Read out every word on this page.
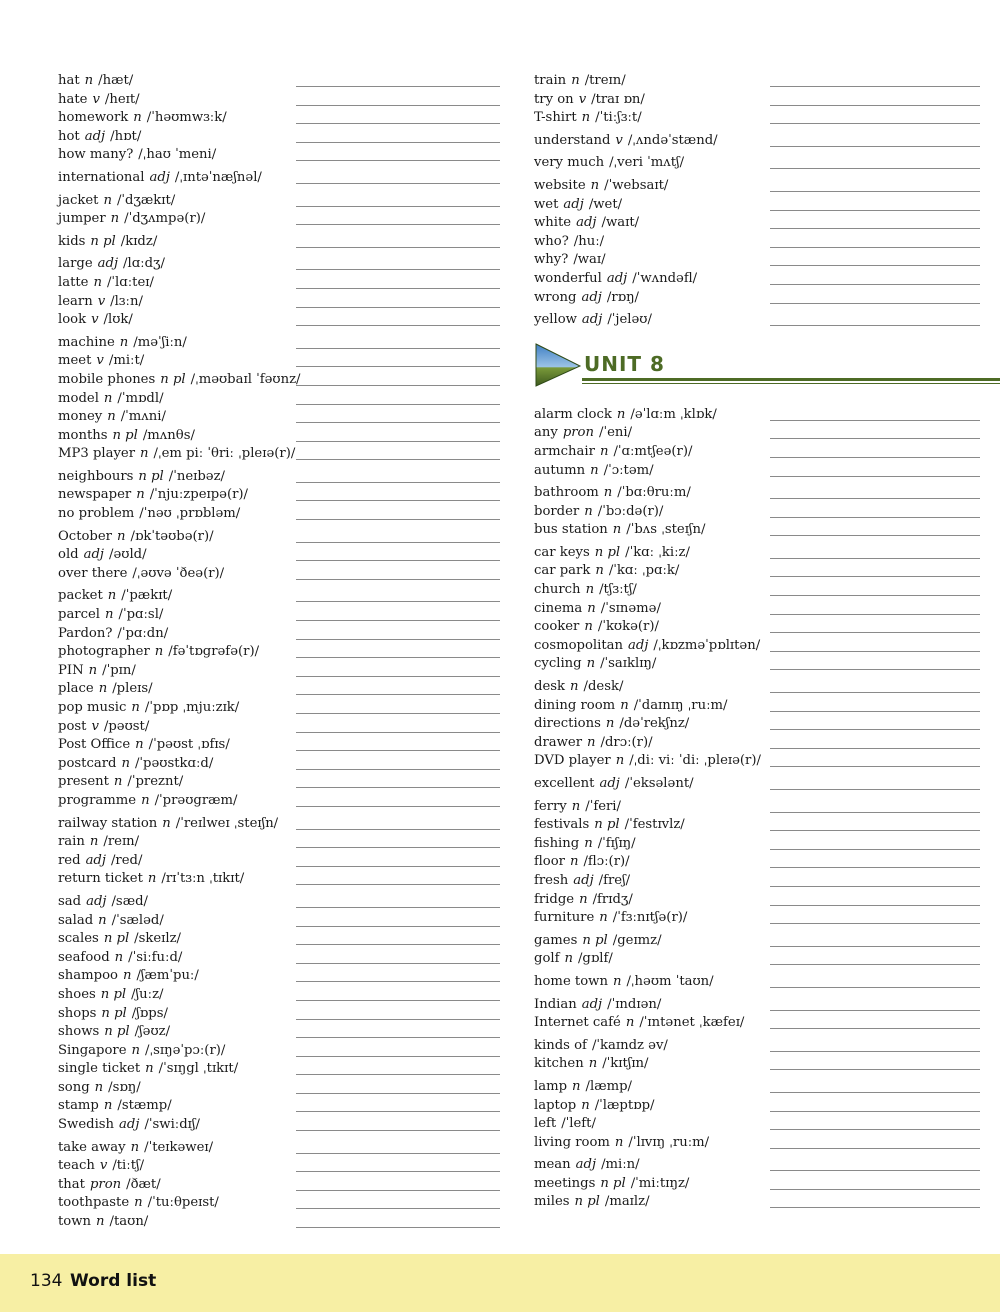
hat n /hæt/
hate v /heɪt/
homework n /ˈhəʊmwɜːk/
hot adj /hɒt/
how many? /ˌhaʊ ˈmeni/
international adj /ˌɪntəˈnæʃnəl/
jacket n /ˈdʒækɪt/
jumper n /ˈdʒʌmpə(r)/
kids n pl /kɪdz/
large adj /lɑːdʒ/
latte n /ˈlɑːteɪ/
learn v /lɜːn/
look v /lʊk/
machine n /məˈʃiːn/
meet v /miːt/
mobile phones n pl /ˌməʊbaɪl ˈfəʊnz/
model n /ˈmɒdl/
money n /ˈmʌni/
months n pl /mʌnθs/
MP3 player n /ˌem piː ˈθriː ˌpleɪə(r)/
neighbours n pl /ˈneɪbəz/
newspaper n /ˈnjuːzpeɪpə(r)/
no problem /ˈnəʊ ˌprɒbləm/
October n /ɒkˈtəʊbə(r)/
old adj /əʊld/
over there /ˌəʊvə ˈðeə(r)/
packet n /ˈpækɪt/
parcel n /ˈpɑːsl/
Pardon? /ˈpɑːdn/
photographer n /fəˈtɒgrəfə(r)/
PIN n /ˈpɪn/
place n /pleɪs/
pop music n /ˈpɒp ˌmjuːzɪk/
post v /pəʊst/
Post Office n /ˈpəʊst ˌɒfɪs/
postcard n /ˈpəʊstkɑːd/
present n /ˈpreznt/
programme n /ˈprəʊgræm/
railway station n /ˈreɪlweɪ ˌsteɪʃn/
rain n /reɪn/
red adj /red/
return ticket n /rɪˈtɜːn ˌtɪkɪt/
sad adj /sæd/
salad n /ˈsæləd/
scales n pl /skeɪlz/
seafood n /ˈsiːfuːd/
shampoo n /ʃæmˈpuː/
shoes n pl /ʃuːz/
shops n pl /ʃɒps/
shows n pl /ʃəʊz/
Singapore n /ˌsɪŋəˈpɔː(r)/
single ticket n /ˈsɪŋgl ˌtɪkɪt/
song n /sɒŋ/
stamp n /stæmp/
Swedish adj /ˈswiːdɪʃ/
take away n /ˈteɪkəweɪ/
teach v /tiːtʃ/
that pron /ðæt/
toothpaste n /ˈtuːθpeɪst/
town n /taʊn/
train n /treɪn/
try on v /traɪ ɒn/
T-shirt n /ˈtiːʃɜːt/
understand v /ˌʌndəˈstænd/
very much /ˌveri ˈmʌtʃ/
website n /ˈwebsaɪt/
wet adj /wet/
white adj /waɪt/
who? /huː/
why? /waɪ/
wonderful adj /ˈwʌndəfl/
wrong adj /rɒŋ/
yellow adj /ˈjeləʊ/
UNIT 8
alarm clock n /əˈlɑːm ˌklɒk/
any pron /ˈeni/
armchair n /ˈɑːmtʃeə(r)/
autumn n /ˈɔːtəm/
bathroom n /ˈbɑːθruːm/
border n /ˈbɔːdə(r)/
bus station n /ˈbʌs ˌsteɪʃn/
car keys n pl /ˈkɑː ˌkiːz/
car park n /ˈkɑː ˌpɑːk/
church n /tʃɜːtʃ/
cinema n /ˈsɪnəmə/
cooker n /ˈkʊkə(r)/
cosmopolitan adj /ˌkɒzməˈpɒlɪtən/
cycling n /ˈsaɪklɪŋ/
desk n /desk/
dining room n /ˈdaɪnɪŋ ˌruːm/
directions n /dəˈrekʃnz/
drawer n /drɔː(r)/
DVD player n /ˌdiː viː ˈdiː ˌpleɪə(r)/
excellent adj /ˈeksələnt/
ferry n /ˈferi/
festivals n pl /ˈfestɪvlz/
fishing n /ˈfɪʃɪŋ/
floor n /flɔː(r)/
fresh adj /freʃ/
fridge n /frɪdʒ/
furniture n /ˈfɜːnɪtʃə(r)/
games n pl /geɪmz/
golf n /gɒlf/
home town n /ˌhəʊm ˈtaʊn/
Indian adj /ˈɪndɪən/
Internet café n /ˈɪntənet ˌkæfeɪ/
kinds of /ˈkaɪndz əv/
kitchen n /ˈkɪtʃɪn/
lamp n /læmp/
laptop n /ˈlæptɒp/
left /ˈleft/
living room n /ˈlɪvɪŋ ˌruːm/
mean adj /miːn/
meetings n pl /ˈmiːtɪŋz/
miles n pl /maɪlz/
134 Word list
